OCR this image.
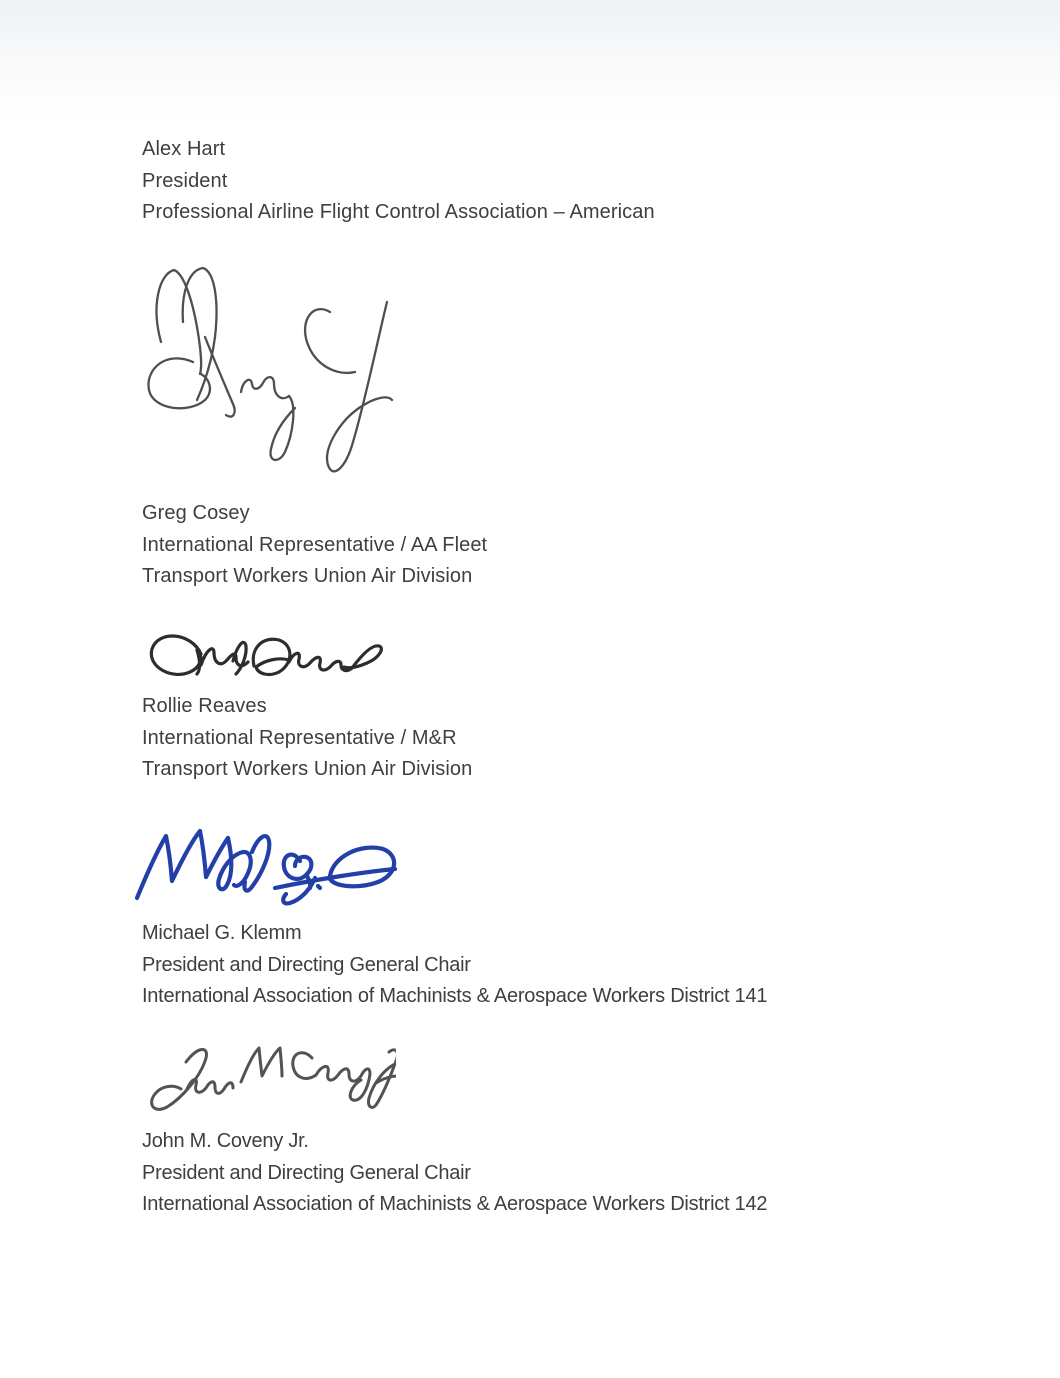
Alex Hart
President
Professional Airline Flight Control Association – American
Greg Cosey
International Representative / AA Fleet
Transport Workers Union Air Division
Rollie Reaves
International Representative / M&R
Transport Workers Union Air Division
Michael G. Klemm
President and Directing General Chair
International Association of Machinists & Aerospace Workers District 141
John M. Coveny Jr.
President and Directing General Chair
International Association of Machinists & Aerospace Workers District 142
